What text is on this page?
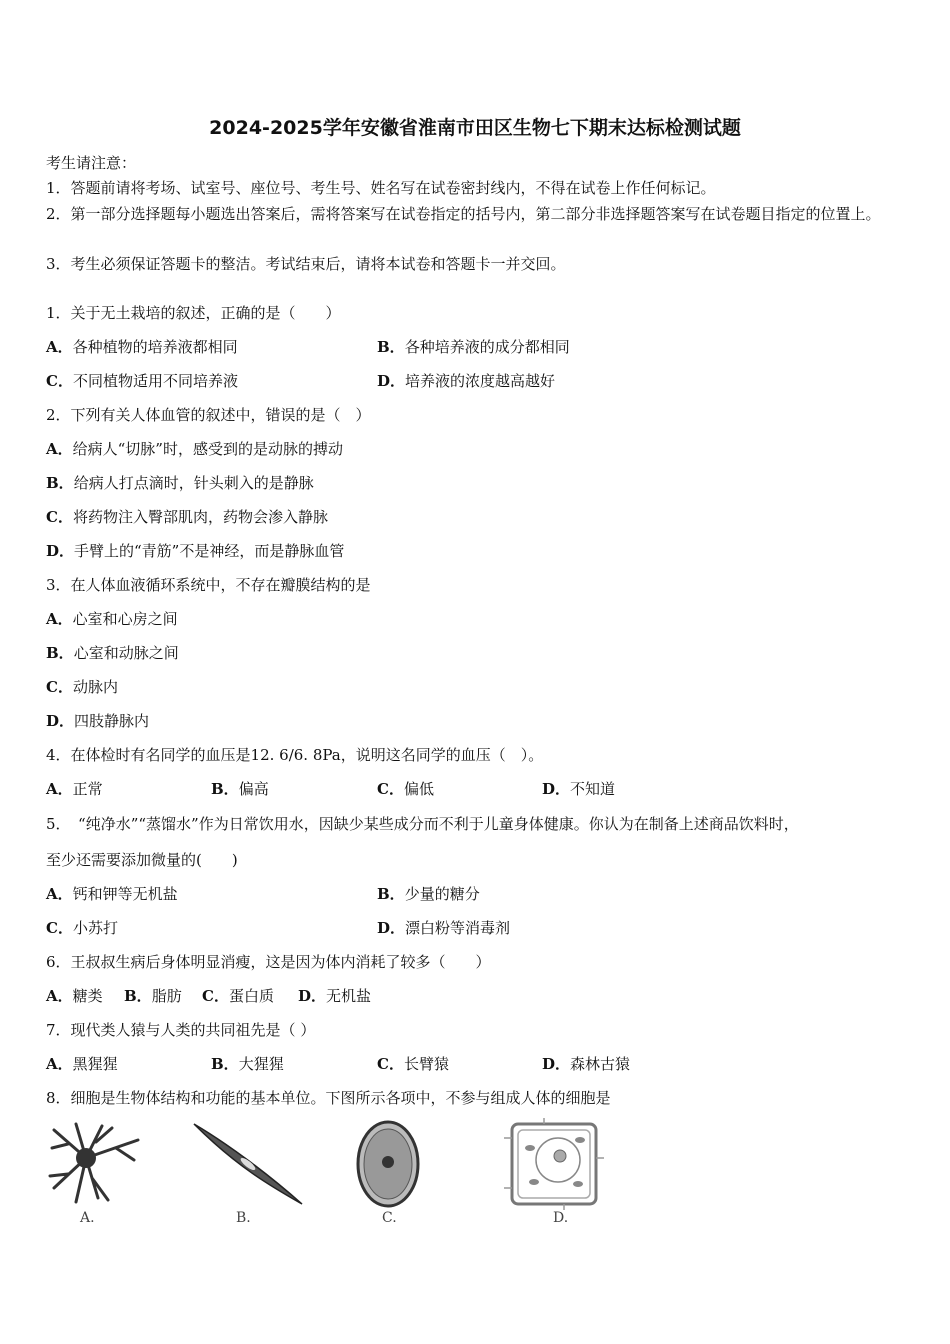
2024-2025学年安徽省淮南市田区生物七下期末达标检测试题
考生请注意：
1．答题前请将考场、试室号、座位号、考生号、姓名写在试卷密封线内，不得在试卷上作任何标记。
2．第一部分选择题每小题选出答案后，需将答案写在试卷指定的括号内，第二部分非选择题答案写在试卷题目指定的位置上。
3．考生必须保证答题卡的整洁。考试结束后，请将本试卷和答题卡一并交回。
1．关于无土栽培的叙述，正确的是（　　）
A．各种植物的培养液都相同	B．各种培养液的成分都相同
C．不同植物适用不同培养液	D．培养液的浓度越高越好
2．下列有关人体血管的叙述中，错误的是（　）
A．给病人“切脉”时，感受到的是动脉的搏动
B．给病人打点滴时，针头刺入的是静脉
C．将药物注入臀部肌肉，药物会渗入静脉
D．手臂上的“青筋”不是神经，而是静脉血管
3．在人体血液循环系统中，不存在瓣膜结构的是
A．心室和心房之间
B．心室和动脉之间
C．动脉内
D．四肢静脉内
4．在体检时有名同学的血压是12. 6/6. 8Pa，说明这名同学的血压（　）。
A．正常	B．偏高	C．偏低	D．不知道
5．　“纯净水”“蒸馏水”作为日常饮用水，因缺少某些成分而不利于儿童身体健康。你认为在制备上述商品饮料时，
至少还需要添加微量的(　　)
A．钙和钾等无机盐	B．少量的糖分
C．小苏打	D．漂白粉等消毒剂
6．王叔叔生病后身体明显消瘦，这是因为体内消耗了较多（　　）
A．糖类 B．脂肪 C．蛋白质 D．无机盐
7．现代类人猿与人类的共同祖先是（ ）
A．黑猩猩	B．大猩猩	C．长臂猿	D．森林古猿
8．细胞是生物体结构和功能的基本单位。下图所示各项中，不参与组成人体的细胞是
A.	B.	C.	D.
